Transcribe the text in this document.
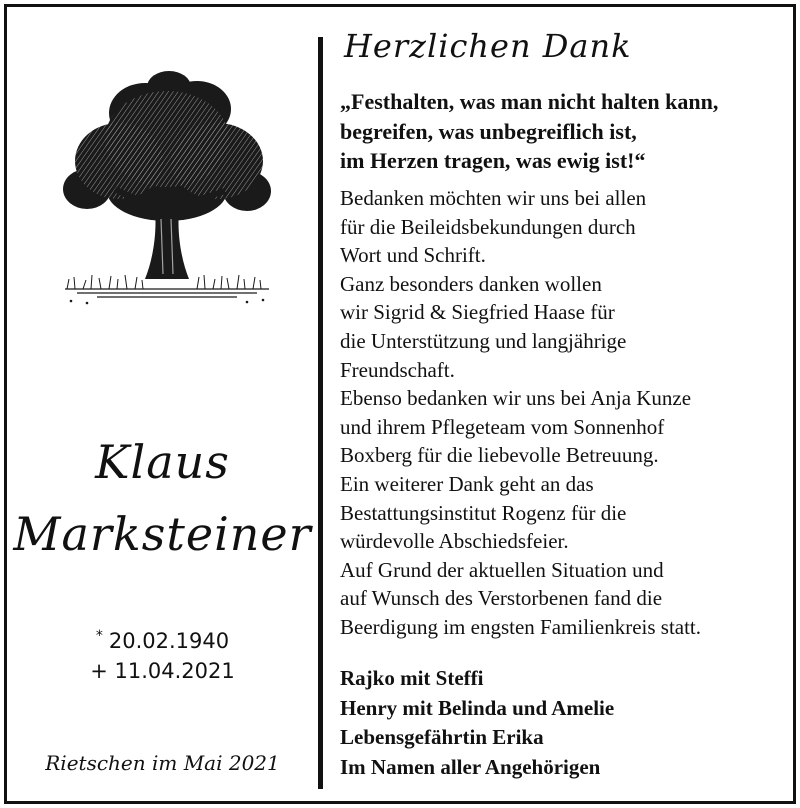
Klaus
Marksteiner
* 20.02.1940
+ 11.04.2021
Rietschen im Mai 2021
Herzlichen Dank
„Festhalten, was man nicht halten kann,
begreifen, was unbegreiflich ist,
im Herzen tragen, was ewig ist!“
Bedanken möchten wir uns bei allen
für die Beileidsbekundungen durch
Wort und Schrift.
Ganz besonders danken wollen
wir Sigrid & Siegfried Haase für
die Unterstützung und langjährige
Freundschaft.
Ebenso bedanken wir uns bei Anja Kunze
und ihrem Pflegeteam vom Sonnenhof
Boxberg für die liebevolle Betreuung.
Ein weiterer Dank geht an das
Bestattungsinstitut Rogenz für die
würdevolle Abschiedsfeier.
Auf Grund der aktuellen Situation und
auf Wunsch des Verstorbenen fand die
Beerdigung im engsten Familienkreis statt.
Rajko mit Steffi
Henry mit Belinda und Amelie
Lebensgefährtin Erika
Im Namen aller Angehörigen
